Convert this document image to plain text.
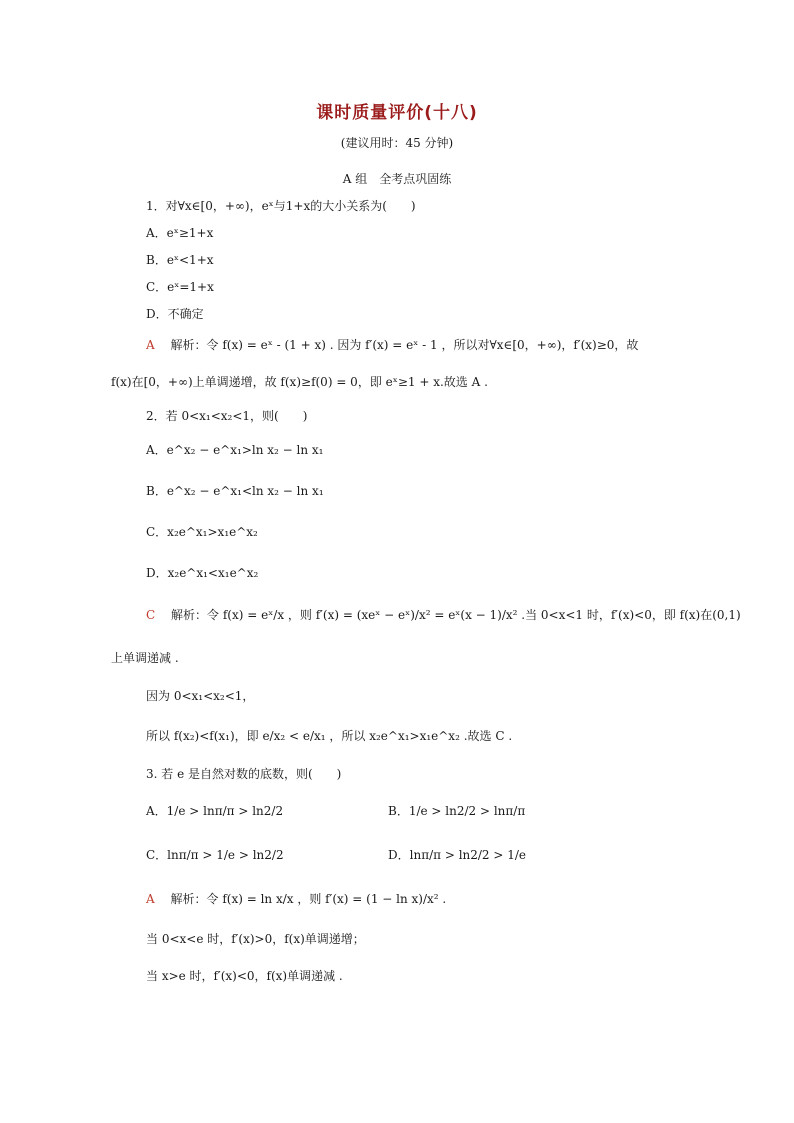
课时质量评价(十八)
(建议用时：45 分钟)
A 组　全考点巩固练
1．对∀x∈[0，+∞)，eˣ与1+x的大小关系为(　　)
A．eˣ≥1+x
B．eˣ<1+x
C．eˣ=1+x
D．不确定
A 解析：令 f(x) = eˣ - (1 + x) . 因为 f′(x) = eˣ - 1 ，所以对∀x∈[0，+∞)，f′(x)≥0，故
f(x)在[0，+∞)上单调递增，故 f(x)≥f(0) = 0，即 eˣ≥1 + x.故选 A .
2．若 0<x₁<x₂<1，则(　　)
A．e^x₂ − e^x₁>ln x₂ − ln x₁
B．e^x₂ − e^x₁<ln x₂ − ln x₁
C．x₂e^x₁>x₁e^x₂
D．x₂e^x₁<x₁e^x₂
C 解析：令 f(x) = eˣ/x ，则 f′(x) = (xeˣ − eˣ)/x² = eˣ(x − 1)/x² .当 0<x<1 时，f′(x)<0，即 f(x)在(0,1)
上单调递减 .
因为 0<x₁<x₂<1，
所以 f(x₂)<f(x₁)，即 e/x₂ < e/x₁ ，所以 x₂e^x₁>x₁e^x₂ .故选 C .
3. 若 e 是自然对数的底数，则(　　)
A．1/e > lnπ/π > ln2/2	B．1/e > ln2/2 > lnπ/π
C．lnπ/π > 1/e > ln2/2	D．lnπ/π > ln2/2 > 1/e
A 解析：令 f(x) = ln x/x ，则 f′(x) = (1 − ln x)/x² .
当 0<x<e 时，f′(x)>0，f(x)单调递增；
当 x>e 时，f′(x)<0，f(x)单调递减 .
